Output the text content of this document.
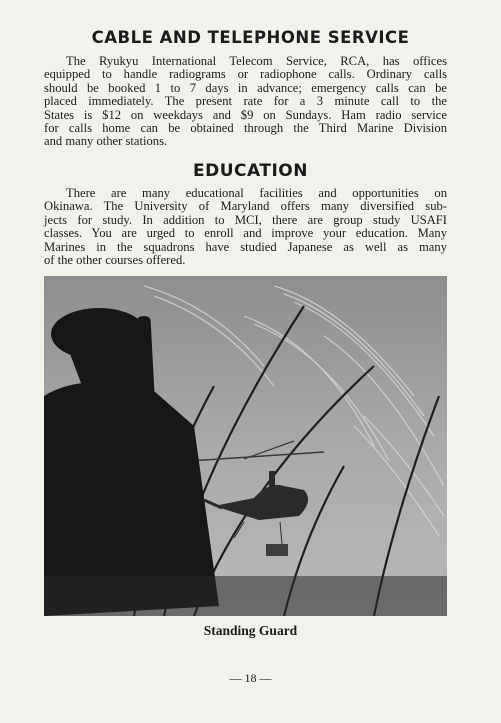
CABLE AND TELEPHONE SERVICE

The Ryukyu International Telecom Service, RCA, has offices
equipped to handle radiograms or radiophone calls. Ordinary calls
should be booked 1 to 7 days in advance; emergency calls can be
placed immediately. The present rate for a 3 minute call to the
States is $12 on weekdays and $9 on Sundays. Ham radio service
for calls home can be obtained through the Third Marine Division
and many other stations.

EDUCATION

There are many educational facilities and opportunities on
Okinawa. The University of Maryland offers many diversified sub-
jects for study. In addition to MCI, there are group study USAFI
classes. You are urged to enroll and improve your education. Many
Marines in the squadrons have studied Japanese as well as many
of the other courses offered.

Standing Guard

— 18 —
